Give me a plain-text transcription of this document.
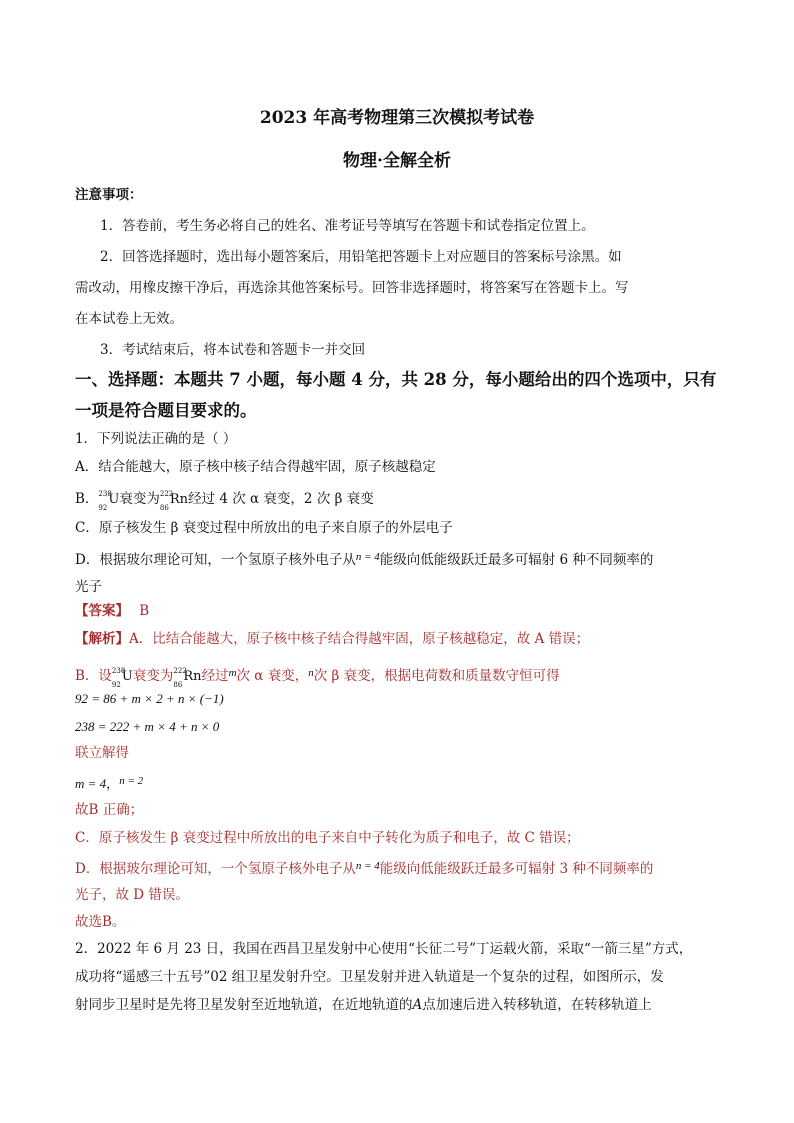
2023 年高考物理第三次模拟考试卷
物理·全解全析
注意事项：
1．答卷前，考生务必将自己的姓名、准考证号等填写在答题卡和试卷指定位置上。
2．回答选择题时，选出每小题答案后，用铅笔把答题卡上对应题目的答案标号涂黑。如
需改动，用橡皮擦干净后，再选涂其他答案标号。回答非选择题时，将答案写在答题卡上。写
在本试卷上无效。
3．考试结束后，将本试卷和答题卡一并交回
一、选择题：本题共 7 小题，每小题 4 分，共 28 分，每小题给出的四个选项中，只有
一项是符合题目要求的。
1．下列说法正确的是（ ）
A．结合能越大，原子核中核子结合得越牢固，原子核越稳定
B． 238
92
U衰变为 222
86
Rn经过 4 次 α 衰变，2 次 β 衰变
C．原子核发生 β 衰变过程中所放出的电子来自原子的外层电子
D．根据玻尔理论可知，一个氢原子核外电子从$^{n = 4}$能级向低能级跃迁最多可辐射 6 种不同频率的
光子
【答案】 B
【解析】A．比结合能越大，原子核中核子结合得越牢固，原子核越稳定，故 A 错误；
B．设 238
92
U衰变为 222
86
Rn经过$^m$次 α 衰变，$^n$次 β 衰变，根据电荷数和质量数守恒可得
92 = 86 + m × 2 + n × (−1)
238 = 222 + m × 4 + n × 0
联立解得
m = 4，$^{n = 2}$
故B 正确；
C．原子核发生 β 衰变过程中所放出的电子来自中子转化为质子和电子，故 C 错误；
D．根据玻尔理论可知，一个氢原子核外电子从$^{n = 4}$能级向低能级跃迁最多可辐射 3 种不同频率的
光子，故 D 错误。
故选B。
2．2022 年 6 月 23 日，我国在西昌卫星发射中心使用“长征二号”丁运载火箭，采取“一箭三星”方式，
成功将“遥感三十五号”02 组卫星发射升空。卫星发射并进入轨道是一个复杂的过程，如图所示，发
射同步卫星时是先将卫星发射至近地轨道，在近地轨道的A点加速后进入转移轨道，在转移轨道上
